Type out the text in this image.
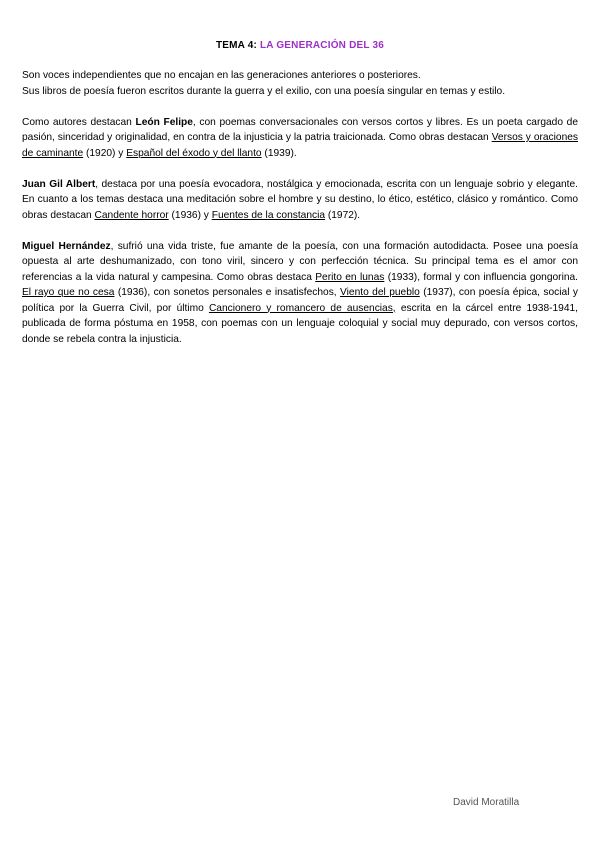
TEMA 4: LA GENERACIÓN DEL 36

Son voces independientes que no encajan en las generaciones anteriores o posteriores.
Sus libros de poesía fueron escritos durante la guerra y el exilio, con una poesía singular en temas y estilo.

Como autores destacan León Felipe, con poemas conversacionales con versos cortos y libres. Es un poeta cargado de pasión, sinceridad y originalidad, en contra de la injusticia y la patria traicionada. Como obras destacan Versos y oraciones de caminante (1920) y Español del éxodo y del llanto (1939).

Juan Gil Albert, destaca por una poesía evocadora, nostálgica y emocionada, escrita con un lenguaje sobrio y elegante. En cuanto a los temas destaca una meditación sobre el hombre y su destino, lo ético, estético, clásico y romántico. Como obras destacan Candente horror (1936) y Fuentes de la constancia (1972).

Miguel Hernández, sufrió una vida triste, fue amante de la poesía, con una formación autodidacta. Posee una poesía opuesta al arte deshumanizado, con tono viril, sincero y con perfección técnica. Su principal tema es el amor con referencias a la vida natural y campesina. Como obras destaca Perito en lunas (1933), formal y con influencia gongorina. El rayo que no cesa (1936), con sonetos personales e insatisfechos, Viento del pueblo (1937), con poesía épica, social y política por la Guerra Civil, por último Cancionero y romancero de ausencias, escrita en la cárcel entre 1938-1941, publicada de forma póstuma en 1958, con poemas con un lenguaje coloquial y social muy depurado, con versos cortos, donde se rebela contra la injusticia.

David Moratilla
